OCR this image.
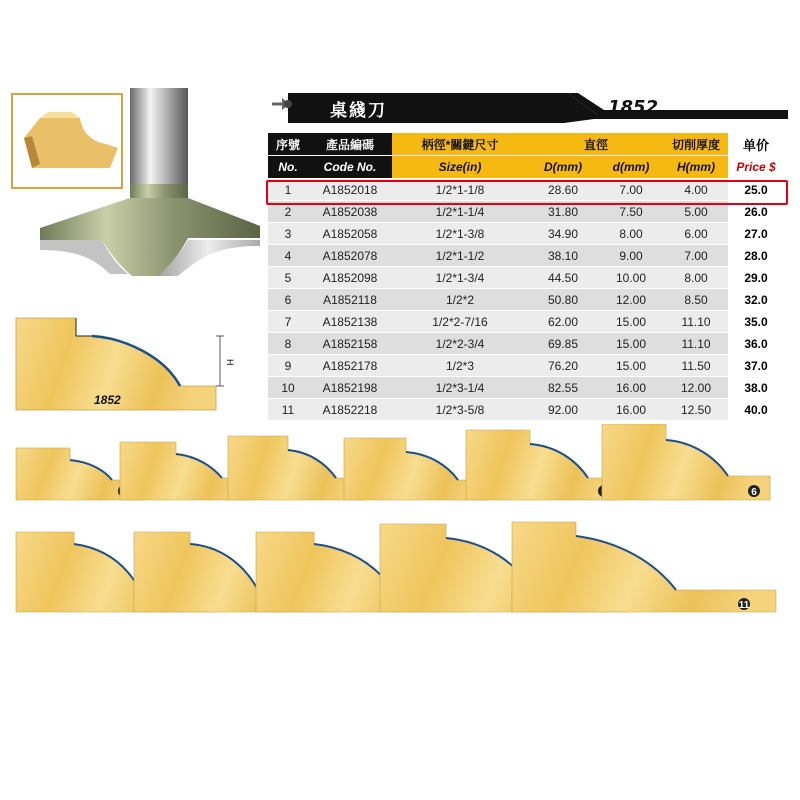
桌綫刀	1852
序號	產品編碼	柄徑*關鍵尺寸	直徑		切削厚度	单价
No.	Code No.	Size(in)	D(mm)	d(mm)	H(mm)	Price $
1	A1852018	1/2*1-1/8	28.60	7.00	4.00	25.0
2	A1852038	1/2*1-1/4	31.80	7.50	5.00	26.0
3	A1852058	1/2*1-3/8	34.90	8.00	6.00	27.0
4	A1852078	1/2*1-1/2	38.10	9.00	7.00	28.0
5	A1852098	1/2*1-3/4	44.50	10.00	8.00	29.0
6	A1852118	1/2*2	50.80	12.00	8.50	32.0
7	A1852138	1/2*2-7/16	62.00	15.00	11.10	35.0
8	A1852158	1/2*2-3/4	69.85	15.00	11.10	36.0
9	A1852178	1/2*3	76.20	15.00	11.50	37.0
10	A1852198	1/2*3-1/4	82.55	16.00	12.00	38.0
11	A1852218	1/2*3-5/8	92.00	16.00	12.50	40.0
1852
H
6
11
